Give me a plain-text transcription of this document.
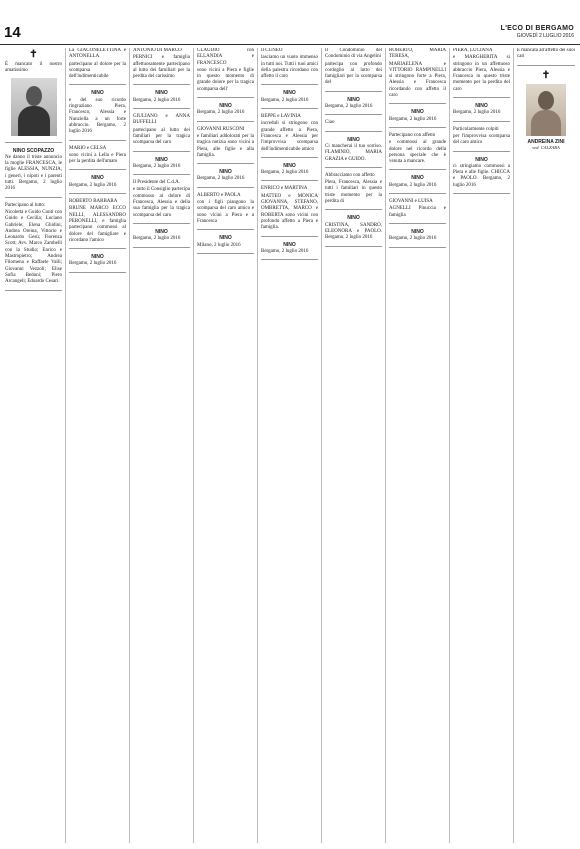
14	L'ECO DI BERGAMO
GIOVEDÌ 2 LUGLIO 2016
✝

È mancato il nostro amatissimo

NINO SCOPAZZO

Ne danno il triste annuncio la moglie FRANCESCA, le figlie ALESSIA, NUNZIA, i generi, i nipoti e i parenti tutti. Bergamo, 2 luglio 2016

Partecipano al lutto:

Nicoletta e Guido Conti con Guido e Cecilia; Luciano Gabriele; Elena Ghidini; Andrea Oreina, Vittorio e Leonardo Gesù; Fiorenza Scott; Avv. Marco Zambelli con la Studio; Enrico e Mastropietro; Andrea Filomena e Raffaele Valli; Giovanni Vezzoli; Elise Sofia Bedoni; Piero Arcangeli; Edoardo Cesari.

La GIACONELETTINA e ANTONELLA

partecipano al dolore per la scomparsa dell'indimenticabile

NINO

e del suo ricordo ringraziano Piera, Francesco, Alessia e Nunziella a un forte abbraccio. Bergamo, 2 luglio 2016

MARIO e CELSA

sono vicini a Lella e Piera per la perdita dell'amato

NINO

Bergamo, 2 luglio 2016

ROBERTO BARBARA

BRUNE MARCO ECCO NELLI, ALESSANDRO PERONELLI, e famiglia partecipano commossi al dolore del famigliare e ricordano l'amico

NINO

Bergamo, 2 luglio 2016

ANTONIO DI MARCO

PERNICI e famiglia affettuosamente partecipano al lutto dei familiari per la perdita del carissimo

NINO

Bergamo, 2 luglio 2016

GIULIANO e ANNA BUFFELLI

partecipano al lutto dei familiari per la tragica scomparsa del caro

NINO

Bergamo, 2 luglio 2016

Il Presidente del C.d.A.

e tutto il Consiglio partecipa commosso al dolore di Francesca, Alessia e della sua famiglia per la tragica scomparsa del caro

NINO

Bergamo, 2 luglio 2016

CLAUDIO con ELLANDIA e FRANCESCO

sono vicini a Piera e figlie in questo momento di grande dolore per la tragica scomparsa dell'

NINO

Bergamo, 2 luglio 2016

GIOVANNI RUSCONI

e familiari addolorati per la tragica notizia sono vicini a Piera, alle figlie e alla famiglia.

NINO

Bergamo, 2 luglio 2016

ALBERTO e PAOLA

con i figli piangono la scomparsa del caro amico e sono vicini a Piera e a Francesca

NINO

Milano, 2 luglio 2016

Il CUNEO

lasciamo un vuoto immenso in tutti noi. Tutti i tuoi amici della palestra ricordano con affetto il caro

NINO

Bergamo, 2 luglio 2016

BEPPE e LAVINIA

increduli si stringono con grande affetto a Piera, Francesca e Alessia per l'improvvisa scomparsa dell'indimenticabile amico

NINO

Bergamo, 2 luglio 2016

ENRICO e MARTINA

MATTEO e MONICA GIOVANNA, STEFANO, OMBRETTA, MARCO e ROBERTA sono vicini con profondo affetto a Piera e famiglia.

NINO

Bergamo, 2 luglio 2016

Il Condominio del Condominio di via Angelini

partecipa con profondo cordoglio al lutto dei famigliari per la scomparsa del

NINO

Bergamo, 2 luglio 2016

Ciao

NINO

Ci mancherai il tuo sorriso. FLAMINIO, MARIA GRAZIA e GUIDO.

Abbracciamo con affetto

Piera, Francesca, Alessia e tutti i familiari in questo triste momento per la perdita di

NINO

CRISTINA, SANDRO, ELEONORA e PAOLO. Bergamo, 2 luglio 2016

ROBERTO, MARIA TERESA,

MARIAELENA e VITTORIO RAMPINELLI si stringono forte a Piera, Alessia e Francesca ricordando con affetto il caro

NINO

Bergamo, 2 luglio 2016

Partecipano con affetto

e commossi al grande dolore nel ricordo della persona speciale che è venuta a mancare.

NINO

Bergamo, 2 luglio 2016

GIOVANNI e LUISA

AGNELLI Pinuccia e famiglia

NINO

Bergamo, 2 luglio 2016

PIERA, LUCIANA

e MARGHERITA si stringono in un affettuoso abbraccio Piera, Alessia e Francesca in questo triste momento per la perdita del caro

NINO

Bergamo, 2 luglio 2016

Particolarmente colpiti

per l'improvvisa scomparsa del caro amico

NINO

ci stringiamo commossi a Piera e alle figlie. CHICCA e PAOLO. Bergamo, 2 luglio 2016

E mancata all'affetto dei suoi cari

✝
ANDREINA ZINI
ved. CALZARA
